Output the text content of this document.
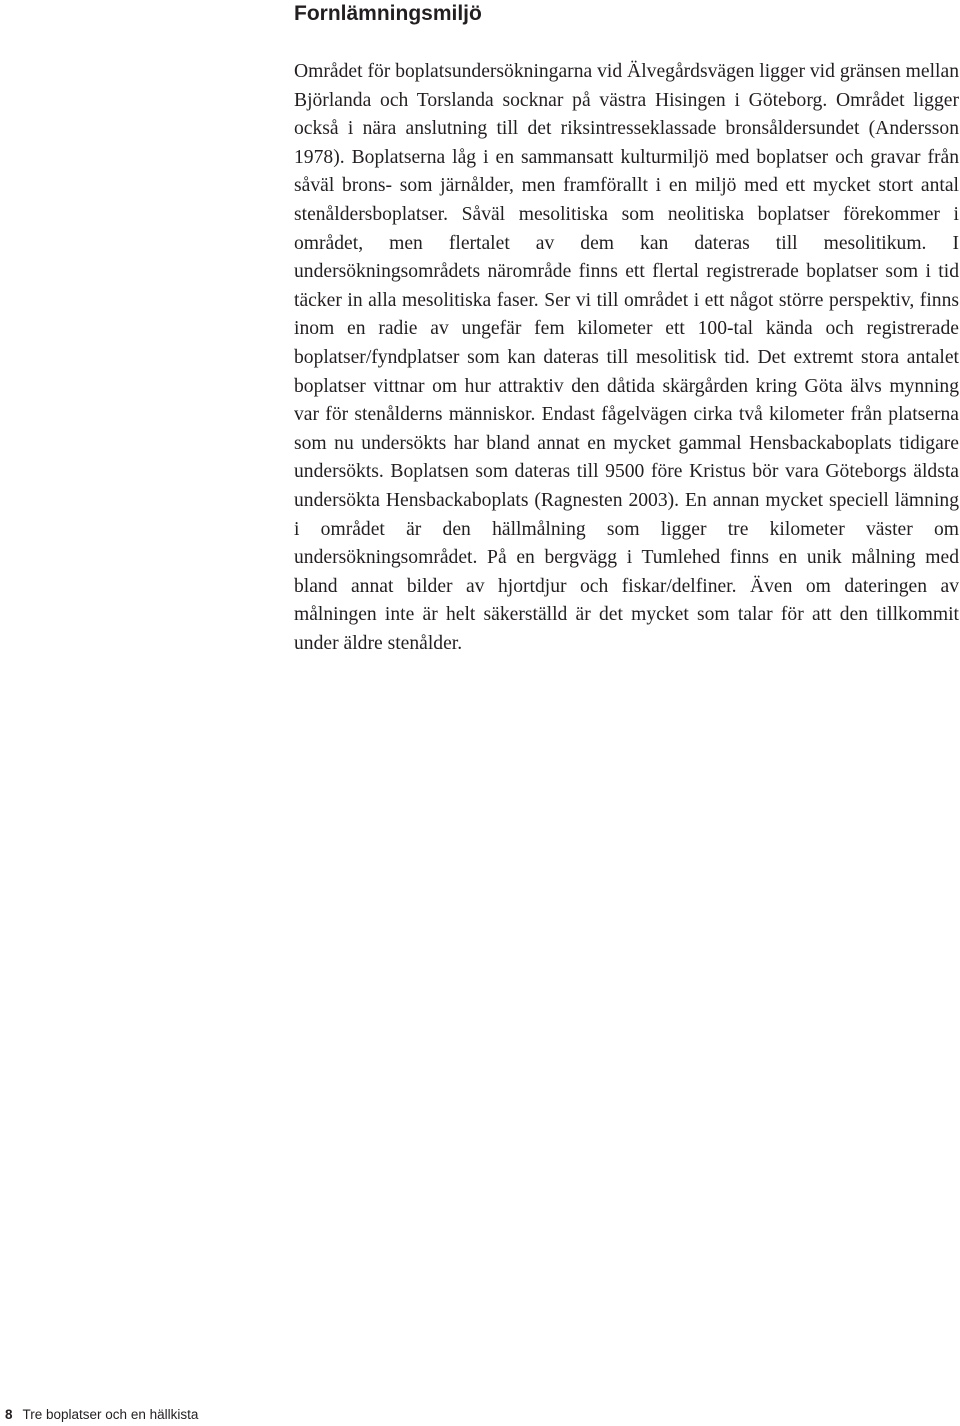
Fornlämningsmiljö

Området för boplatsundersökningarna vid Älvegårdsvägen ligger vid gränsen mellan Björlanda och Torslanda socknar på västra Hisingen i Göteborg. Området ligger också i nära anslutning till det riksintresseklassade bronsåldersundet (Andersson 1978). Boplatserna låg i en sammansatt kulturmiljö med boplatser och gravar från såväl brons- som järnålder, men framförallt i en miljö med ett mycket stort antal stenåldersboplatser. Såväl mesolitiska som neolitiska boplatser förekommer i området, men flertalet av dem kan dateras till mesolitikum. I undersökningsområdets närområde finns ett flertal registrerade boplatser som i tid täcker in alla mesolitiska faser. Ser vi till området i ett något större perspektiv, finns inom en radie av ungefär fem kilometer ett 100-tal kända och registrerade boplatser/fyndplatser som kan dateras till mesolitisk tid. Det extremt stora antalet boplatser vittnar om hur attraktiv den dåtida skärgården kring Göta älvs mynning var för stenålderns människor. Endast fågelvägen cirka två kilometer från platserna som nu undersökts har bland annat en mycket gammal Hensbackaboplats tidigare undersökts. Boplatsen som dateras till 9500 före Kristus bör vara Göteborgs äldsta undersökta Hensbackaboplats (Ragnesten 2003). En annan mycket speciell lämning i området är den hällmålning som ligger tre kilometer väster om undersökningsområdet. På en bergvägg i Tumlehed finns en unik målning med bland annat bilder av hjortdjur och fiskar/delfiner. Även om dateringen av målningen inte är helt säkerställd är det mycket som talar för att den tillkommit under äldre stenålder.

8 Tre boplatser och en hällkista
